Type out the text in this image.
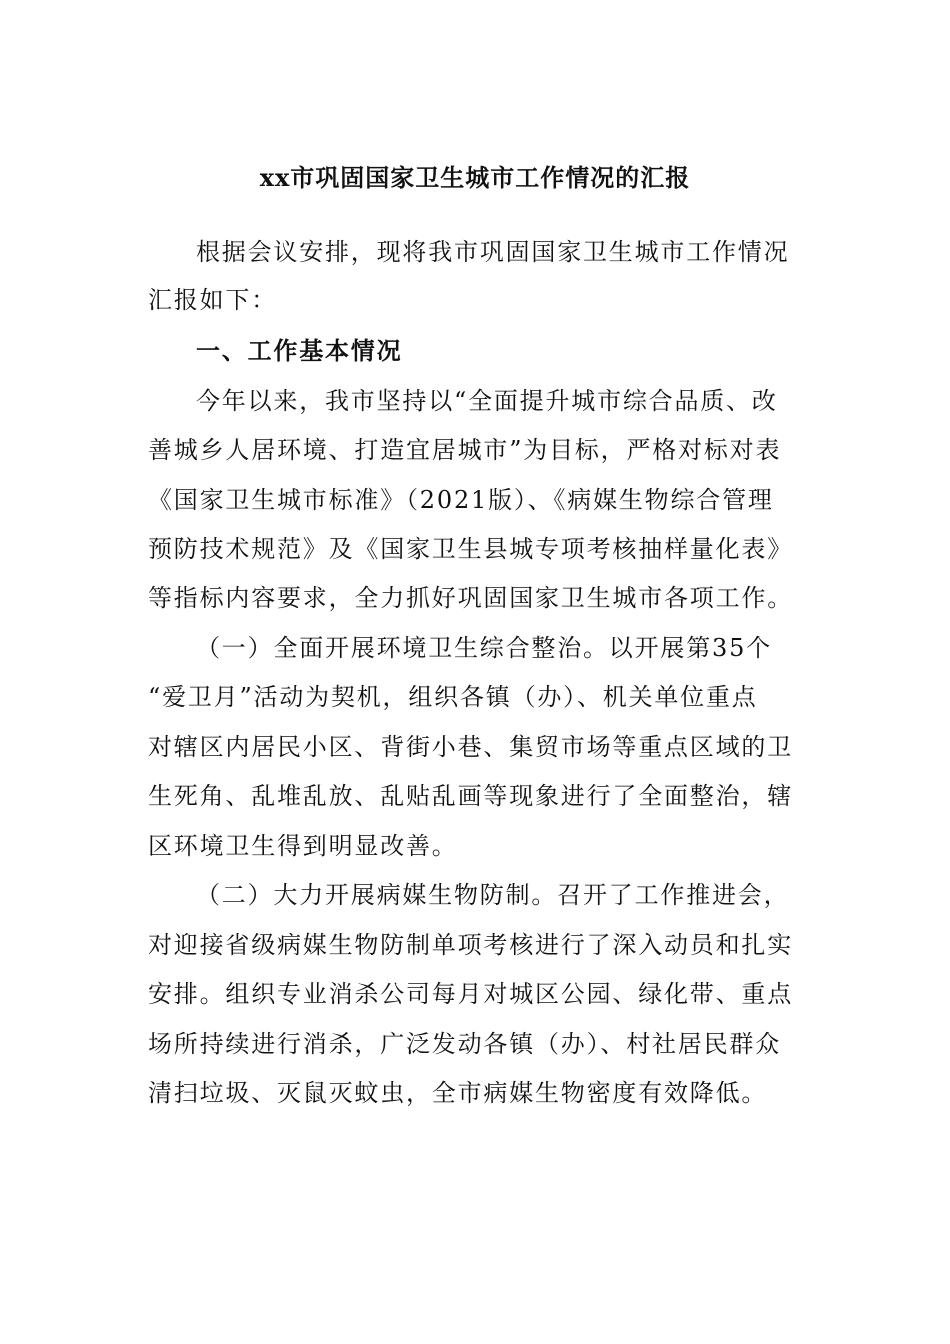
xx市巩固国家卫生城市工作情况的汇报
根据会议安排，现将我市巩固国家卫生城市工作情况
汇报如下：
一、工作基本情况
今年以来，我市坚持以“全面提升城市综合品质、改
善城乡人居环境、打造宜居城市”为目标，严格对标对表
《国家卫生城市标准》（2021版）、《病媒生物综合管理
预防技术规范》及《国家卫生县城专项考核抽样量化表》
等指标内容要求，全力抓好巩固国家卫生城市各项工作。
（一）全面开展环境卫生综合整治。以开展第35个
“爱卫月”活动为契机，组织各镇（办）、机关单位重点
对辖区内居民小区、背街小巷、集贸市场等重点区域的卫
生死角、乱堆乱放、乱贴乱画等现象进行了全面整治，辖
区环境卫生得到明显改善。
（二）大力开展病媒生物防制。召开了工作推进会，
对迎接省级病媒生物防制单项考核进行了深入动员和扎实
安排。组织专业消杀公司每月对城区公园、绿化带、重点
场所持续进行消杀，广泛发动各镇（办）、村社居民群众
清扫垃圾、灭鼠灭蚊虫，全市病媒生物密度有效降低。
